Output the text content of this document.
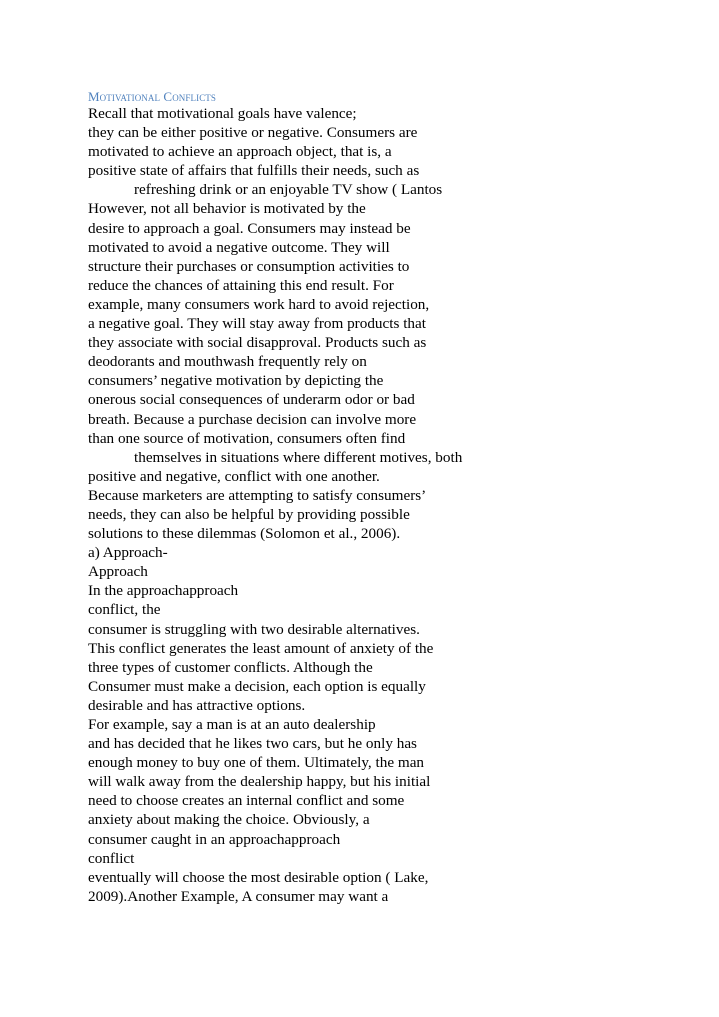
Motivational Conflicts
Recall that motivational goals have valence;
they can be either positive or negative. Consumers are
motivated to achieve an approach object, that is, a
positive state of affairs that fulfills their needs, such as
refreshing drink or an enjoyable TV show ( Lantos
However, not all behavior is motivated by the
desire to approach a goal. Consumers may instead be
motivated to avoid a negative outcome. They will
structure their purchases or consumption activities to
reduce the chances of attaining this end result. For
example, many consumers work hard to avoid rejection,
a negative goal. They will stay away from products that
they associate with social disapproval. Products such as
deodorants and mouthwash frequently rely on
consumers’ negative motivation by depicting the
onerous social consequences of underarm odor or bad
breath. Because a purchase decision can involve more
than one source of motivation, consumers often find
themselves in situations where different motives, both
positive and negative, conflict with one another.
Because marketers are attempting to satisfy consumers’
needs, they can also be helpful by providing possible
solutions to these dilemmas (Solomon et al., 2006).
a) Approach-
Approach
In the approachapproach
conflict, the
consumer is struggling with two desirable alternatives.
This conflict generates the least amount of anxiety of the
three types of customer conflicts. Although the
Consumer must make a decision, each option is equally
desirable and has attractive options.
For example, say a man is at an auto dealership
and has decided that he likes two cars, but he only has
enough money to buy one of them. Ultimately, the man
will walk away from the dealership happy, but his initial
need to choose creates an internal conflict and some
anxiety about making the choice. Obviously, a
consumer caught in an approachapproach
conflict
eventually will choose the most desirable option ( Lake,
2009).Another Example, A consumer may want a
